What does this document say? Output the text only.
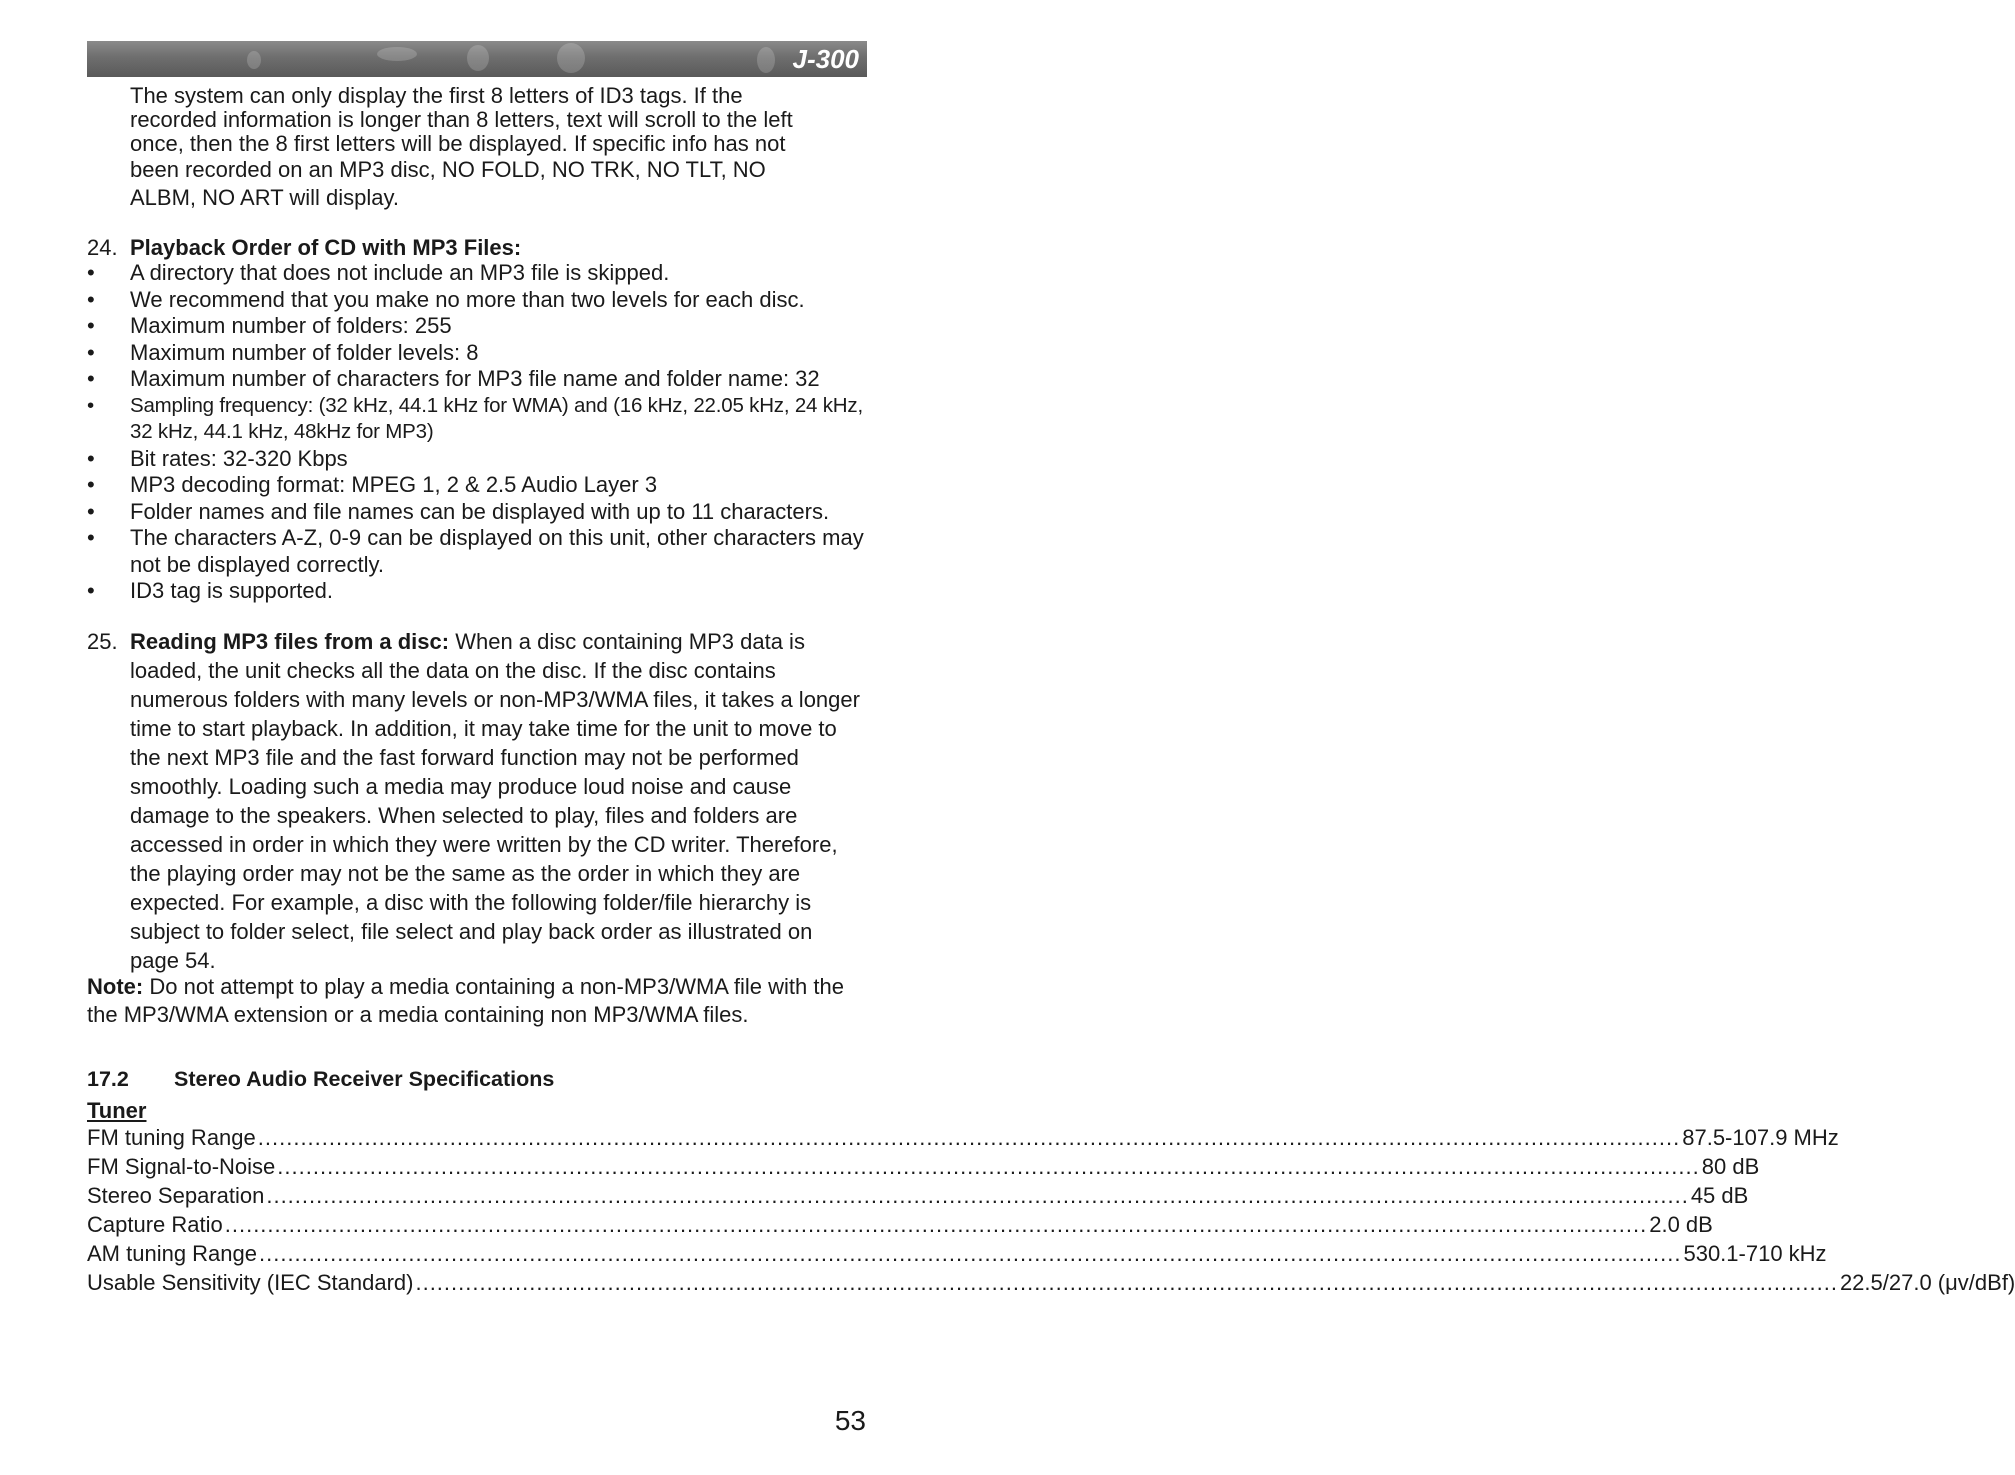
J-300
The system can only display the first 8 letters of ID3 tags. If the
recorded information is longer than 8 letters, text will scroll to the left
once, then the 8 first letters will be displayed. If specific info has not
been recorded on an MP3 disc, NO FOLD, NO TRK, NO TLT, NO
ALBM, NO ART will display.
24. Playback Order of CD with MP3 Files:
•	A directory that does not include an MP3 file is skipped.
•	We recommend that you make no more than two levels for each disc.
•	Maximum number of folders: 255
•	Maximum number of folder levels: 8
•	Maximum number of characters for MP3 file name and folder name: 32
•	Sampling frequency: (32 kHz, 44.1 kHz for WMA) and (16 kHz, 22.05 kHz, 24 kHz, 32 kHz, 44.1 kHz, 48kHz for MP3)
•	Bit rates: 32-320 Kbps
•	MP3 decoding format: MPEG 1, 2 & 2.5 Audio Layer 3
•	Folder names and file names can be displayed with up to 11 characters.
•	The characters A-Z, 0-9 can be displayed on this unit, other characters may not be displayed correctly.
•	ID3 tag is supported.
25. Reading MP3 files from a disc: When a disc containing MP3 data is loaded, the unit checks all the data on the disc. If the disc contains numerous folders with many levels or non-MP3/WMA files, it takes a longer time to start playback. In addition, it may take time for the unit to move to the next MP3 file and the fast forward function may not be performed smoothly. Loading such a media may produce loud noise and cause damage to the speakers. When selected to play, files and folders are accessed in order in which they were written by the CD writer. Therefore, the playing order may not be the same as the order in which they are expected. For example, a disc with the following folder/file hierarchy is subject to folder select, file select and play back order as illustrated on page 54.

Note: Do not attempt to play a media containing a non-MP3/WMA file with the the MP3/WMA extension or a media containing non MP3/WMA files.

17.2	Stereo Audio Receiver Specifications
Tuner
FM tuning Range ........................................................................................................................................................................................................ 87.5-107.9 MHz
FM Signal-to-Noise ........................................................................................................................................................................................................ 80 dB
Stereo Separation ........................................................................................................................................................................................................ 45 dB
Capture Ratio ........................................................................................................................................................................................................ 2.0 dB
AM tuning Range ........................................................................................................................................................................................................ 530.1-710 kHz
Usable Sensitivity (IEC Standard) ........................................................................................................................................................................................................ 22.5/27.0 (μv/dBf)
53
